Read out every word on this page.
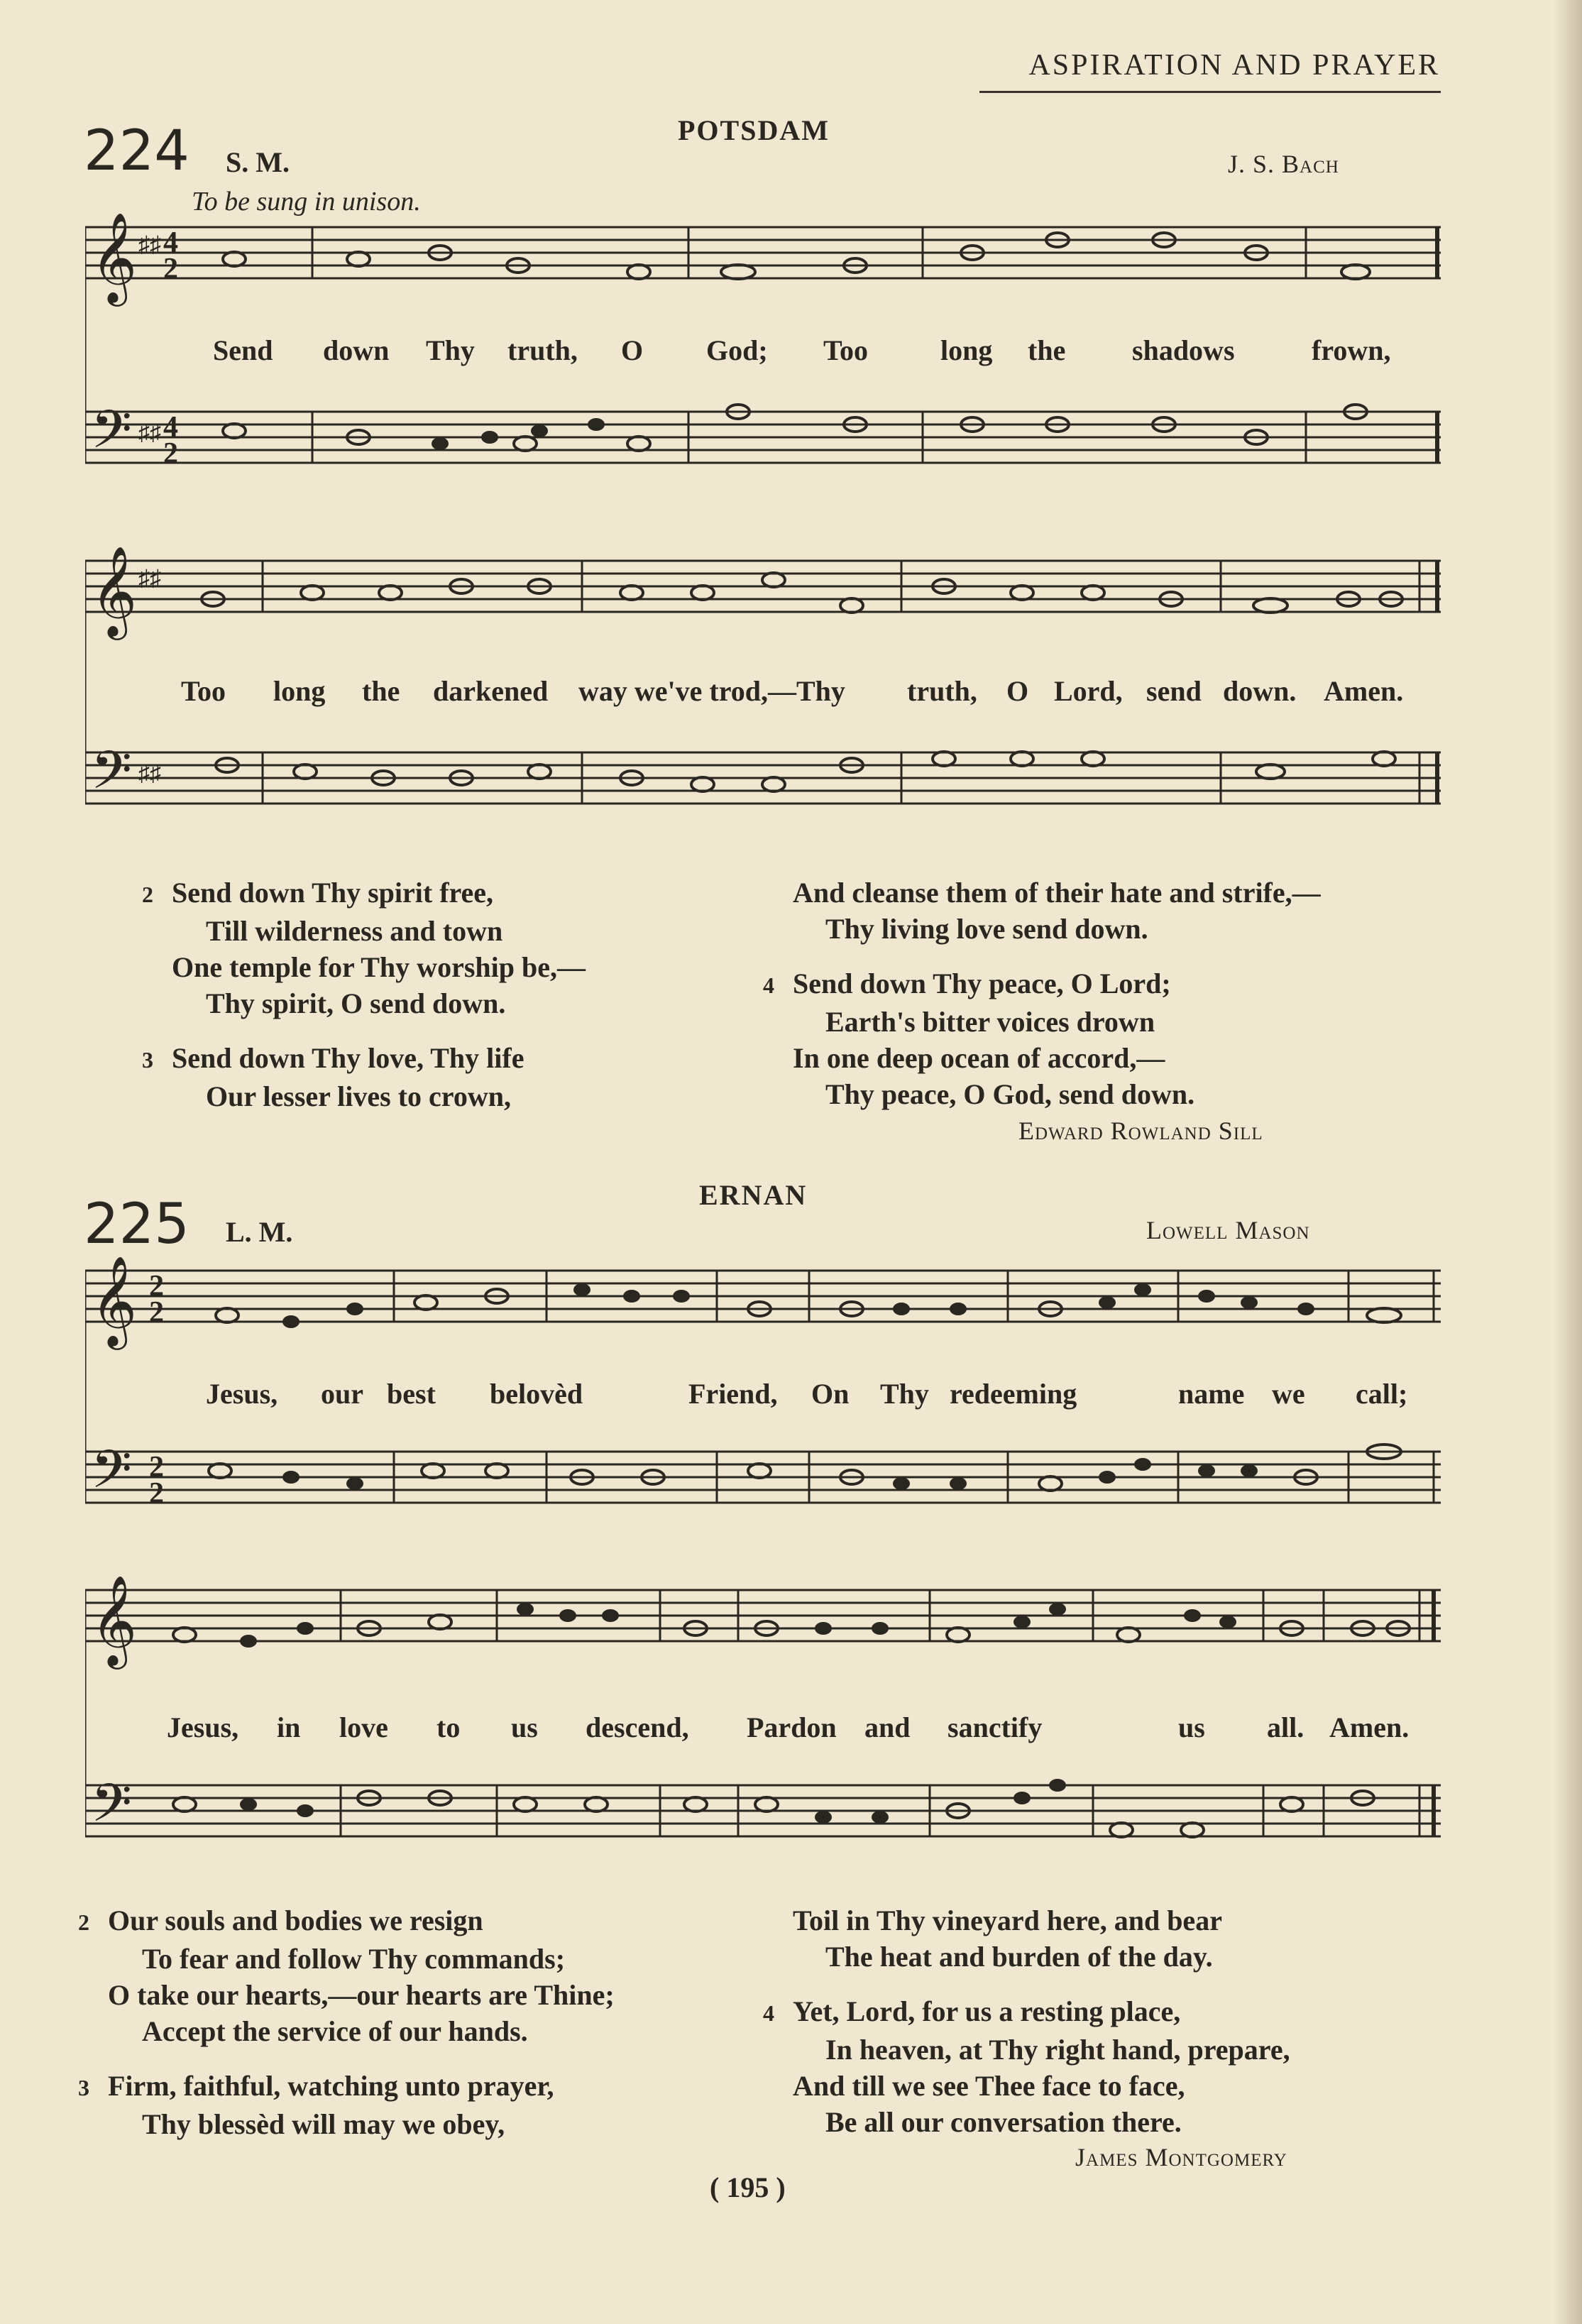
ASPIRATION AND PRAYER
224 S. M.
POTSDAM
J. S. Bach
To be sung in unison.
𝄞
𝄢
4
2
4
2
♯♯
♯♯
Send down Thy truth, O God; Too	long the shadows	frown,
𝄞
𝄢
♯♯
♯♯
Too long the darkened way we've trod,—Thy truth, O Lord, send down. Amen.
2 Send down Thy spirit free,
Till wilderness and town
One temple for Thy worship be,—
Thy spirit, O send down.
3 Send down Thy love, Thy life
Our lesser lives to crown,
And cleanse them of their hate and strife,—
Thy living love send down.
4 Send down Thy peace, O Lord;
Earth's bitter voices drown
In one deep ocean of accord,—
Thy peace, O God, send down.
Edward Rowland Sill
225 L. M.
ERNAN
Lowell Mason
𝄞
𝄢
2
2
2
2
Jesus, our best belovèd	Friend, On Thy redeeming	name we call;
𝄞
𝄢
Jesus, in love to us descend, Pardon and sanctify	us all. Amen.
2 Our souls and bodies we resign
To fear and follow Thy commands;
O take our hearts,—our hearts are Thine;
Accept the service of our hands.
3 Firm, faithful, watching unto prayer,
Thy blessèd will may we obey,
Toil in Thy vineyard here, and bear
The heat and burden of the day.
4 Yet, Lord, for us a resting place,
In heaven, at Thy right hand, prepare,
And till we see Thee face to face,
Be all our conversation there.
James Montgomery
( 195 )
